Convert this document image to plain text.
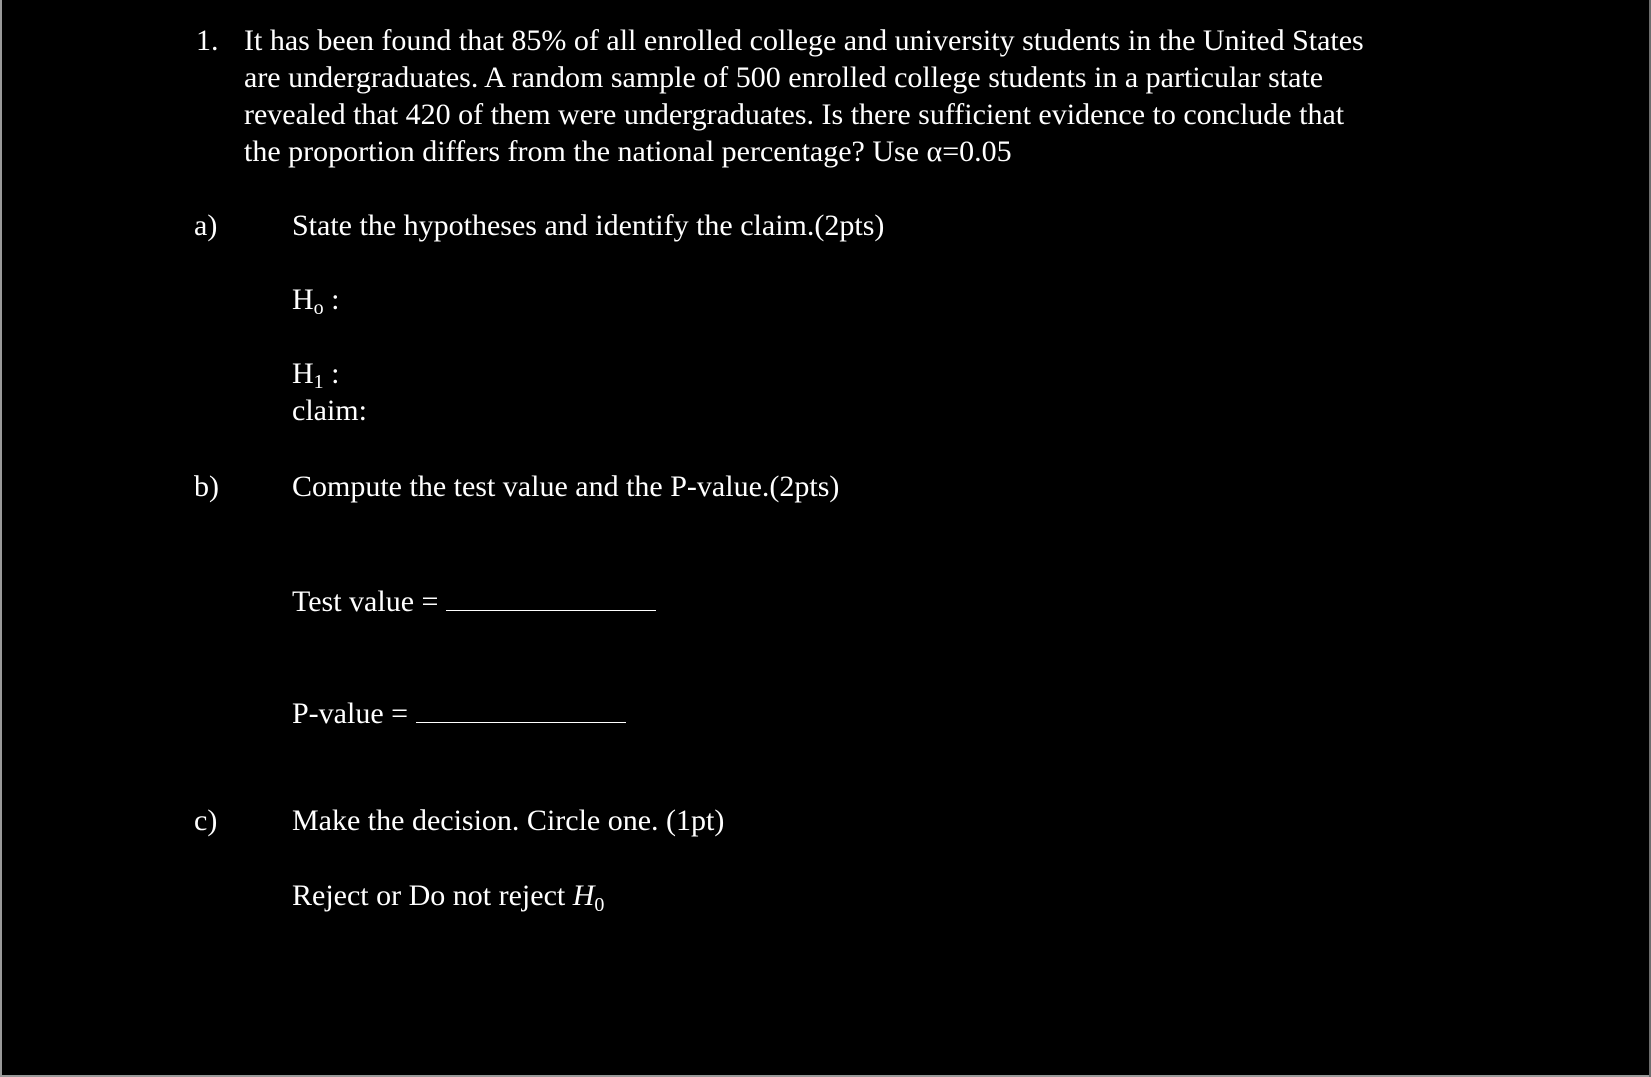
1. It has been found that 85% of all enrolled college and university students in the United States
are undergraduates. A random sample of 500 enrolled college students in a particular state
revealed that 420 of them were undergraduates. Is there sufficient evidence to conclude that
the proportion differs from the national percentage? Use α=0.05
a) State the hypotheses and identify the claim.(2pts)
Ho :
H1 :
claim:
b) Compute the test value and the P-value.(2pts)
Test value =
P-value =
c) Make the decision. Circle one. (1pt)
Reject or Do not reject $H_0$
